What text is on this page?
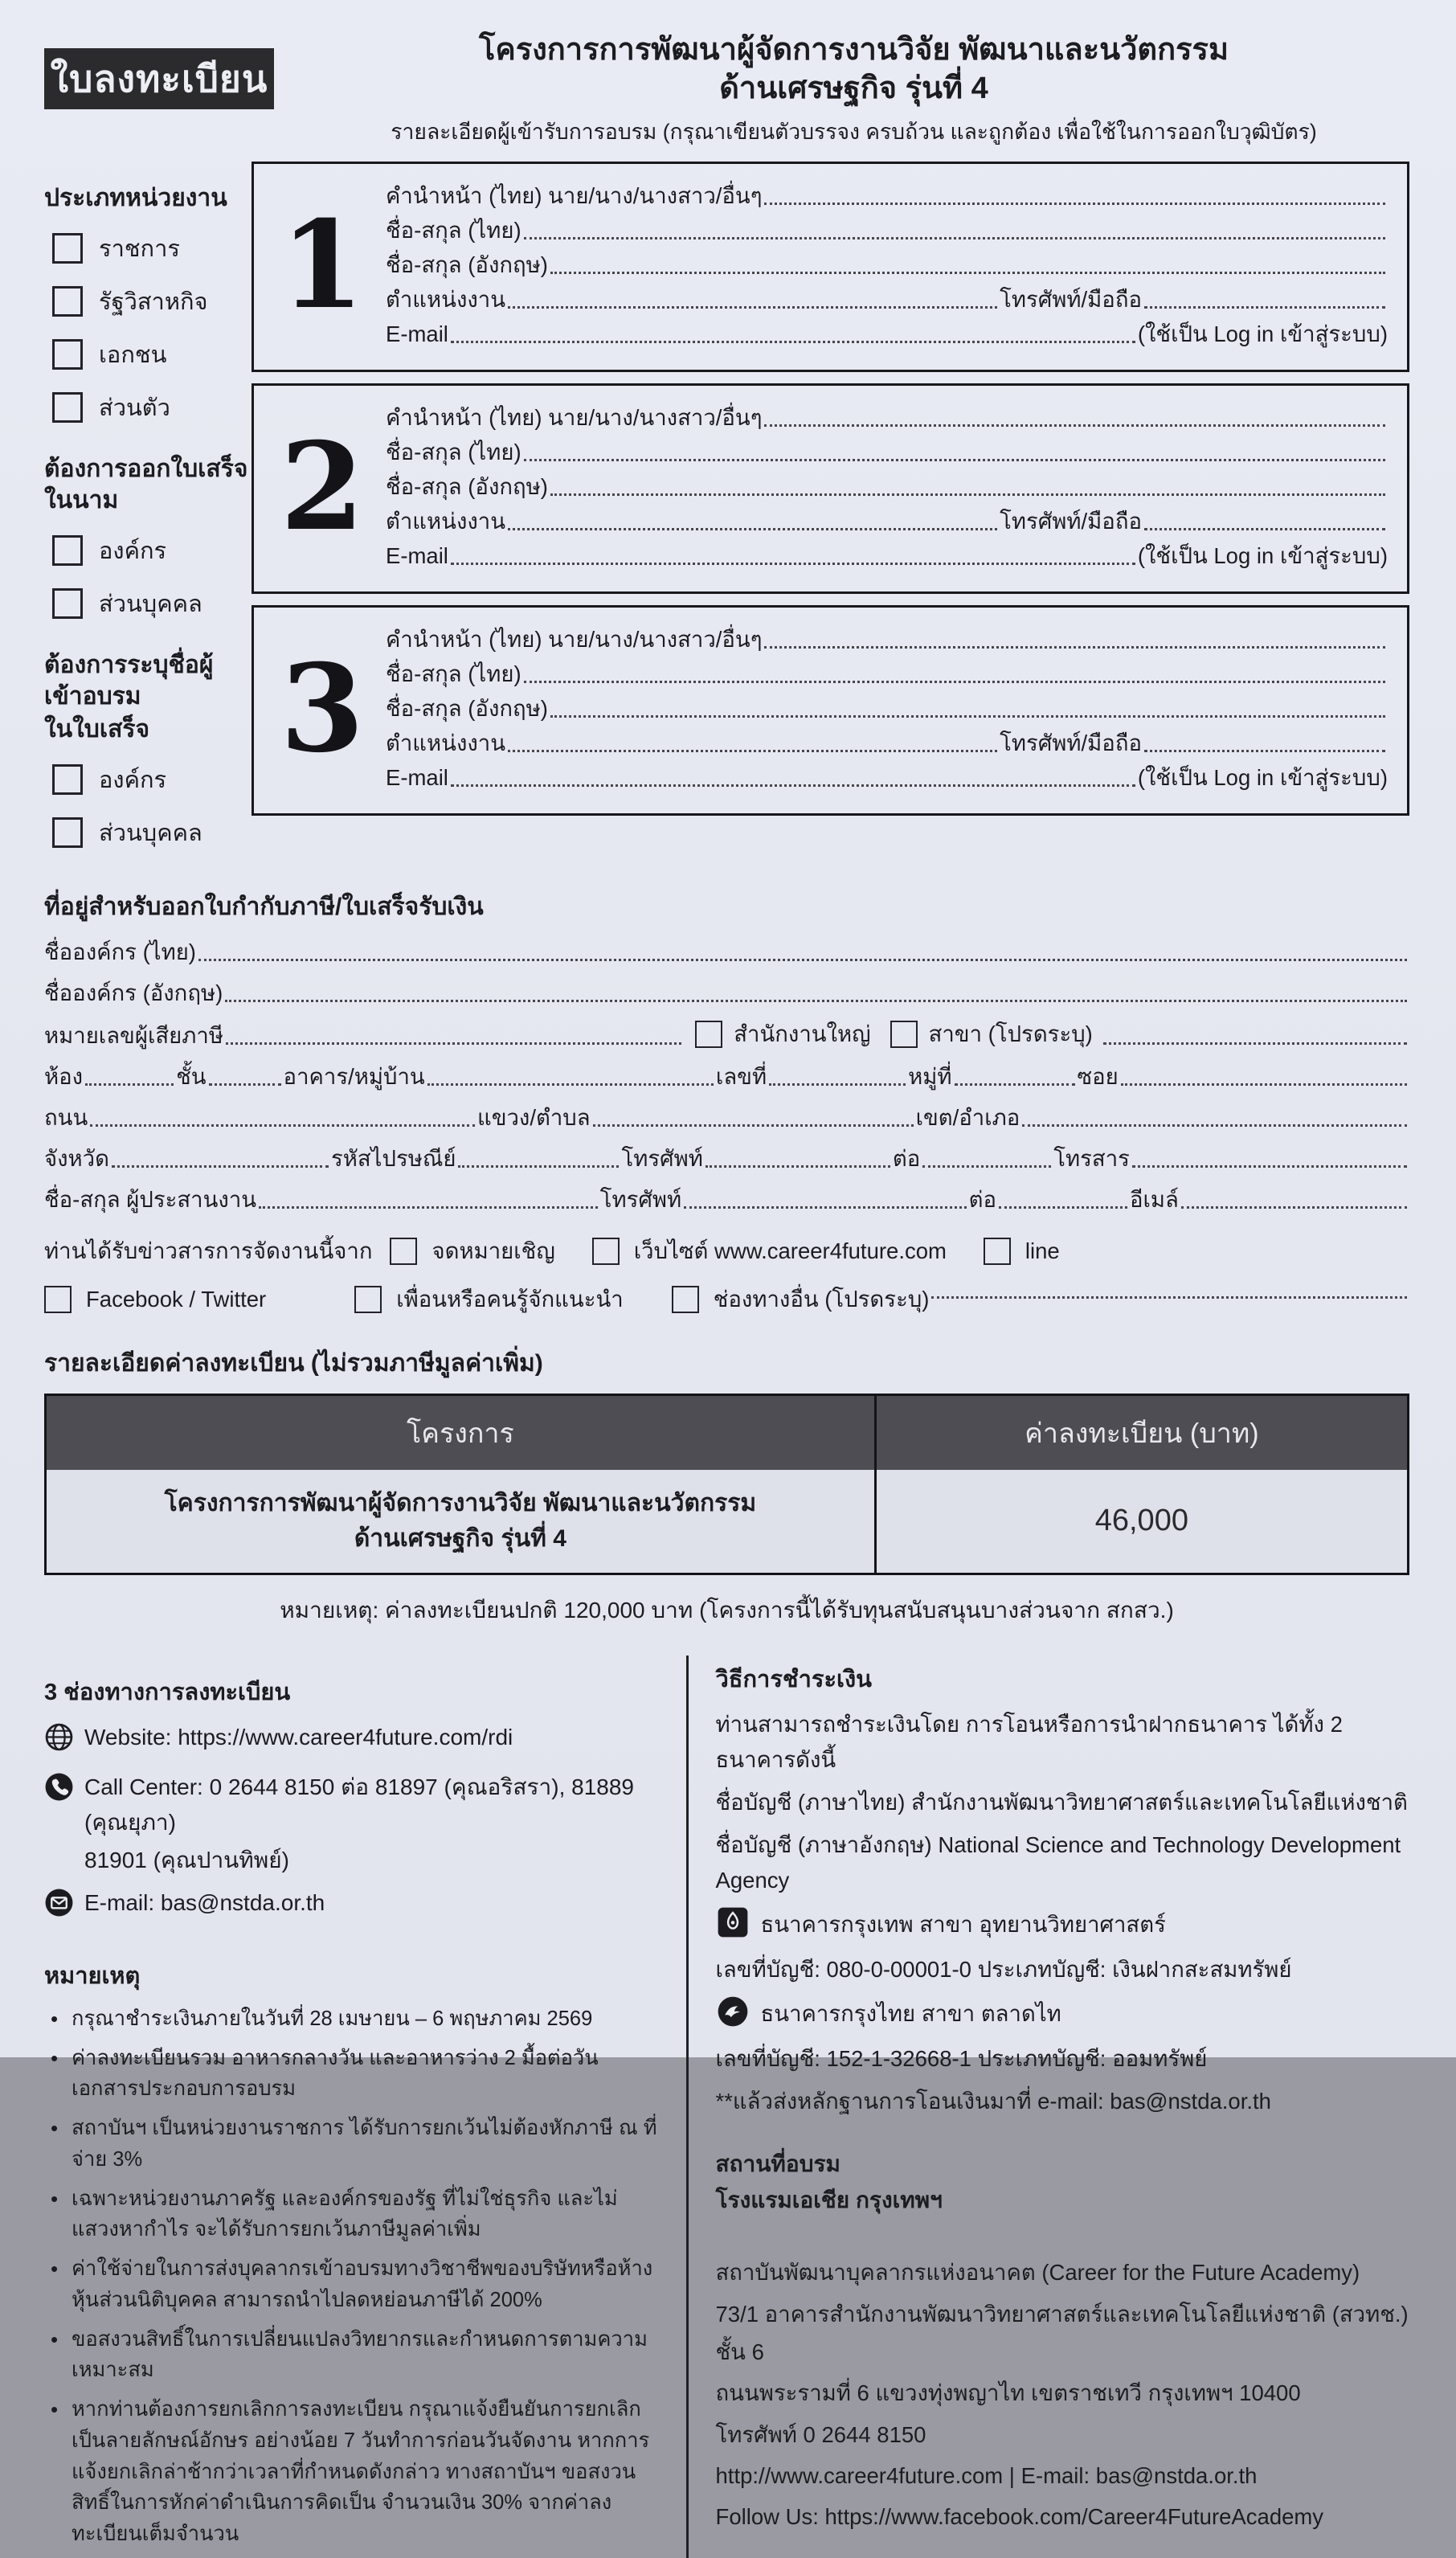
ใบลงทะเบียน
โครงการการพัฒนาผู้จัดการงานวิจัย พัฒนาและนวัตกรรม
ด้านเศรษฐกิจ รุ่นที่ 4
รายละเอียดผู้เข้ารับการอบรม (กรุณาเขียนตัวบรรจง ครบถ้วน และถูกต้อง เพื่อใช้ในการออกใบวุฒิบัตร)
ประเภทหน่วยงาน
ราชการ
รัฐวิสาหกิจ
เอกชน
ส่วนตัว
ต้องการออกใบเสร็จในนาม
องค์กร
ส่วนบุคคล
ต้องการระบุชื่อผู้เข้าอบรม
ในใบเสร็จ
องค์กร
ส่วนบุคคล
1 คำนำหน้า (ไทย) นาย/นาง/นางสาว/อื่นๆ
ชื่อ-สกุล (ไทย)
ชื่อ-สกุล (อังกฤษ)
ตำแหน่งงาน	โทรศัพท์/มือถือ
E-mail	(ใช้เป็น Log in เข้าสู่ระบบ)
2 คำนำหน้า (ไทย) นาย/นาง/นางสาว/อื่นๆ
ชื่อ-สกุล (ไทย)
ชื่อ-สกุล (อังกฤษ)
ตำแหน่งงาน	โทรศัพท์/มือถือ
E-mail	(ใช้เป็น Log in เข้าสู่ระบบ)
3 คำนำหน้า (ไทย) นาย/นาง/นางสาว/อื่นๆ
ชื่อ-สกุล (ไทย)
ชื่อ-สกุล (อังกฤษ)
ตำแหน่งงาน	โทรศัพท์/มือถือ
E-mail	(ใช้เป็น Log in เข้าสู่ระบบ)
ที่อยู่สำหรับออกใบกำกับภาษี/ใบเสร็จรับเงิน
ชื่อองค์กร (ไทย)
ชื่อองค์กร (อังกฤษ)
หมายเลขผู้เสียภาษี	สำนักงานใหญ่	สาขา (โปรดระบุ)
ห้อง	ชั้น	อาคาร/หมู่บ้าน	เลขที่	หมู่ที่	ซอย
ถนน	แขวง/ตำบล	เขต/อำเภอ
จังหวัด	รหัสไปรษณีย์	โทรศัพท์	ต่อ	โทรสาร
ชื่อ-สกุล ผู้ประสานงาน	โทรศัพท์	ต่อ	อีเมล์
ท่านได้รับข่าวสารการจัดงานนี้จาก	จดหมายเชิญ	เว็บไซต์ www.career4future.com	line
Facebook / Twitter	เพื่อนหรือคนรู้จักแนะนำ	ช่องทางอื่น (โปรดระบุ)
รายละเอียดค่าลงทะเบียน (ไม่รวมภาษีมูลค่าเพิ่ม)
โครงการ	ค่าลงทะเบียน (บาท)
โครงการการพัฒนาผู้จัดการงานวิจัย พัฒนาและนวัตกรรม
ด้านเศรษฐกิจ รุ่นที่ 4
46,000
หมายเหตุ: ค่าลงทะเบียนปกติ 120,000 บาท (โครงการนี้ได้รับทุนสนับสนุนบางส่วนจาก สกสว.)
3 ช่องทางการลงทะเบียน
Website: https://www.career4future.com/rdi
Call Center: 0 2644 8150 ต่อ 81897 (คุณอริสรา), 81889 (คุณยุภา)
81901 (คุณปานทิพย์)
E-mail: bas@nstda.or.th
หมายเหตุ
• กรุณาชำระเงินภายในวันที่ 28 เมษายน – 6 พฤษภาคม 2569
• ค่าลงทะเบียนรวม อาหารกลางวัน และอาหารว่าง 2 มื้อต่อวัน เอกสารประกอบการอบรม
• สถาบันฯ เป็นหน่วยงานราชการ ได้รับการยกเว้นไม่ต้องหักภาษี ณ ที่จ่าย 3%
• เฉพาะหน่วยงานภาครัฐ และองค์กรของรัฐ ที่ไม่ใช่ธุรกิจ และไม่แสวงหากำไร จะได้รับการยกเว้นภาษีมูลค่าเพิ่ม
• ค่าใช้จ่ายในการส่งบุคลากรเข้าอบรมทางวิชาชีพของบริษัทหรือห้างหุ้นส่วนนิติบุคคล สามารถนำไปลดหย่อนภาษีได้ 200%
• ขอสงวนสิทธิ์ในการเปลี่ยนแปลงวิทยากรและกำหนดการตามความเหมาะสม
• หากท่านต้องการยกเลิกการลงทะเบียน กรุณาแจ้งยืนยันการยกเลิกเป็นลายลักษณ์อักษร อย่างน้อย 7 วันทำการก่อนวันจัดงาน หากการแจ้งยกเลิกล่าช้ากว่าเวลาที่กำหนดดังกล่าว ทางสถาบันฯ ขอสงวนสิทธิ์ในการหักค่าดำเนินการคิดเป็น จำนวนเงิน 30% จากค่าลงทะเบียนเต็มจำนวน
วิธีการชำระเงิน

ท่านสามารถชำระเงินโดย การโอนหรือการนำฝากธนาคาร ได้ทั้ง 2 ธนาคารดังนี้

ชื่อบัญชี (ภาษาไทย) สำนักงานพัฒนาวิทยาศาสตร์และเทคโนโลยีแห่งชาติ

ชื่อบัญชี (ภาษาอังกฤษ) National Science and Technology Development Agency

ธนาคารกรุงเทพ สาขา อุทยานวิทยาศาสตร์

เลขที่บัญชี: 080-0-00001-0 ประเภทบัญชี: เงินฝากสะสมทรัพย์

ธนาคารกรุงไทย สาขา ตลาดไท

เลขที่บัญชี: 152-1-32668-1 ประเภทบัญชี: ออมทรัพย์

**แล้วส่งหลักฐานการโอนเงินมาที่ e-mail: bas@nstda.or.th

สถานที่อบรม
โรงแรมเอเชีย กรุงเทพฯ

สถาบันพัฒนาบุคลากรแห่งอนาคต (Career for the Future Academy)

73/1 อาคารสำนักงานพัฒนาวิทยาศาสตร์และเทคโนโลยีแห่งชาติ (สวทช.) ชั้น 6

ถนนพระรามที่ 6 แขวงทุ่งพญาไท เขตราชเทวี กรุงเทพฯ 10400

โทรศัพท์ 0 2644 8150

http://www.career4future.com | E-mail: bas@nstda.or.th

Follow Us: https://www.facebook.com/Career4FutureAcademy
